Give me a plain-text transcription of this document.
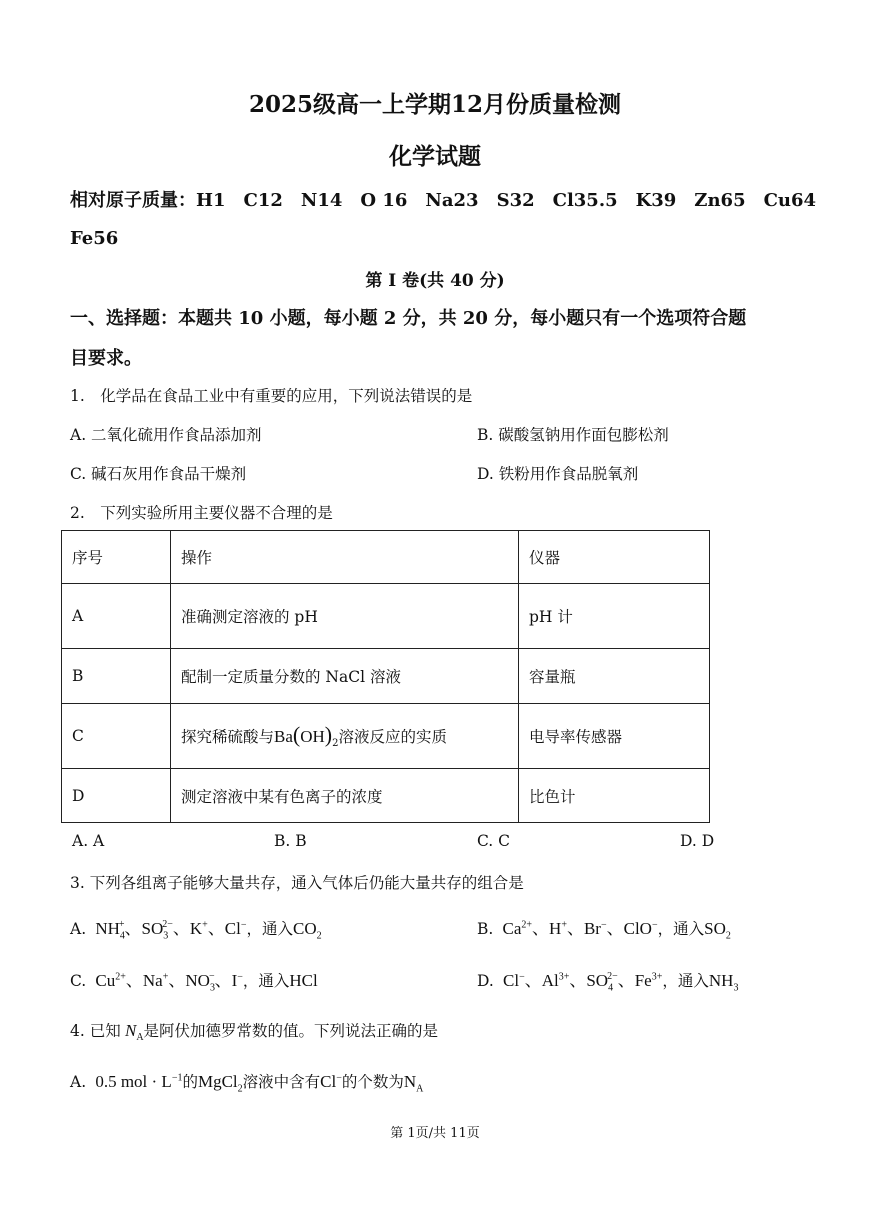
2025级高一上学期12月份质量检测
化学试题
相对原子质量：H1　C12　N14　O 16　Na23　S32　Cl35.5　K39　Zn65　Cu64
Fe56
第 I 卷(共 40 分)
一、选择题：本题共 10 小题，每小题 2 分，共 20 分，每小题只有一个选项符合题
目要求。
1.　化学品在食品工业中有重要的应用，下列说法错误的是
A. 二氧化硫用作食品添加剂	B. 碳酸氢钠用作面包膨松剂
C. 碱石灰用作食品干燥剂	D. 铁粉用作食品脱氧剂
2.　下列实验所用主要仪器不合理的是
序号	操作	仪器
A	准确测定溶液的 pH	pH 计
B	配制一定质量分数的 NaCl 溶液	容量瓶
C	探究稀硫酸与$Ba(OH)_2$溶液反应的实质	电导率传感器
D	测定溶液中某有色离子的浓度	比色计
A. A	B. B	C. C	D. D
3. 下列各组离子能够大量共存，通入气体后仍能大量共存的组合是
A.  $NH_4^+$、$SO_3^{2-}$、K+、Cl−，通入$CO_2$	B.  $Ca^{2+}$、H+、Br−、ClO−，通入$SO_2$
C.  $Cu^{2+}$、Na+、$NO_3^-$、I−，通入HCl	D.  Cl−、$Al^{3+}$、$SO_4^{2-}$、$Fe^{3+}$，通入$NH_3$
4. 已知 $N_A$是阿伏加德罗常数的值。下列说法正确的是
A.  0.5 mol · $L^{-1}$的MgCl$_2$溶液中含有Cl−的个数为$N_A$
第 1页/共 11页
